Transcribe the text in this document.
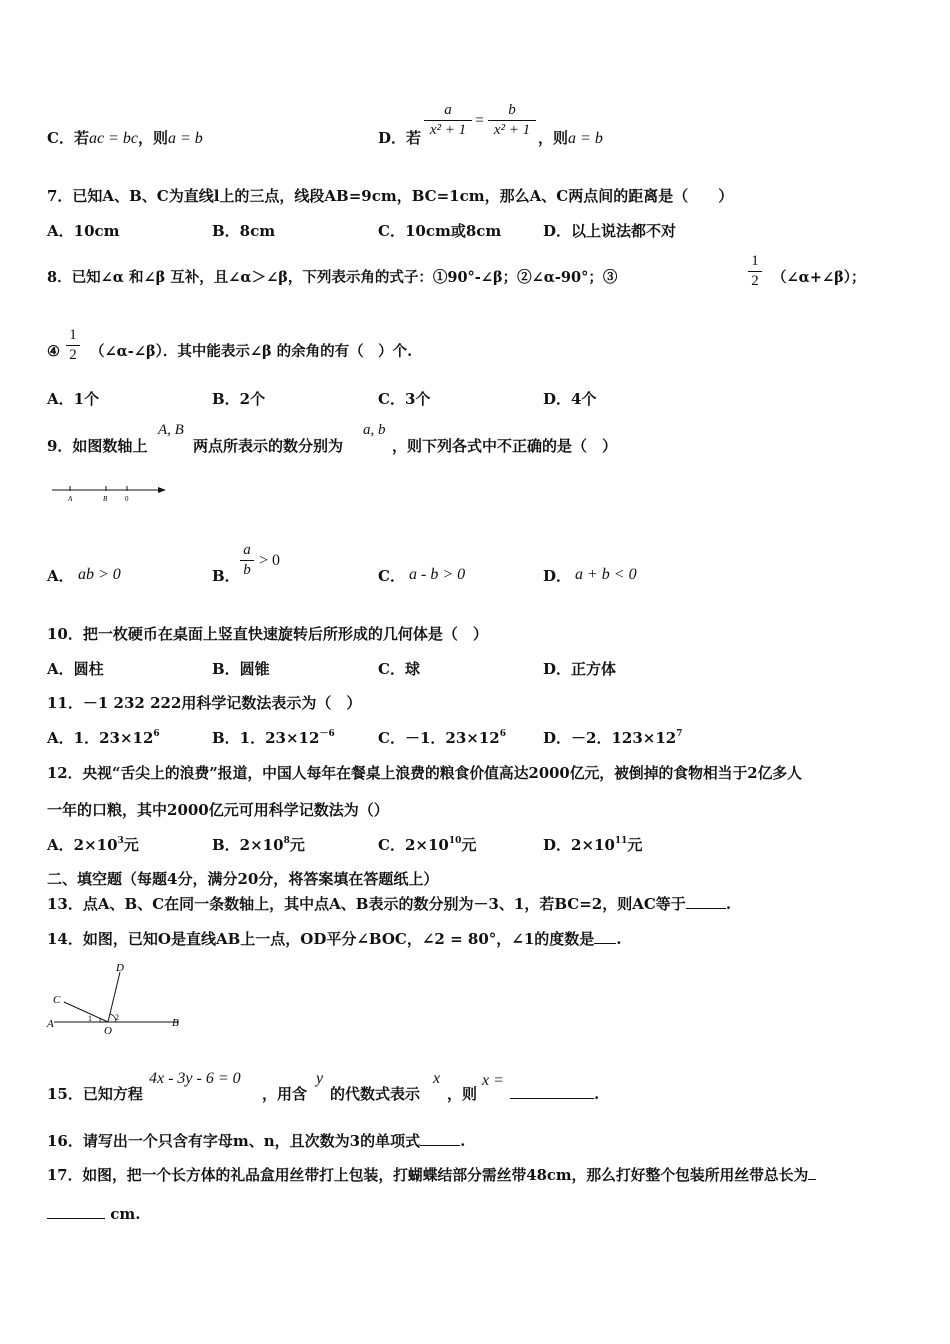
C．若ac = bc，则a = b	D．若
a
x² + 1
=
b
x² + 1 ，则a = b
7．已知A、B、C为直线l上的三点，线段AB=9cm，BC=1cm，那么A、C两点间的距离是（　　）
A．10cm	B．8cm	C．10cm或8cm	D．以上说法都不对
8．已知∠α 和∠β 互补，且∠α＞∠β，下列表示角的式子：①90°-∠β；②∠α-90°；③
1
2 （∠α+∠β）；
④
1
2 （∠α-∠β）．其中能表示∠β 的余角的有（　）个.
A．1个	B．2个	C．3个	D．4个
9．如图数轴上
A, B
两点所表示的数分别为
a, b
，则下列各式中不正确的是（　）
A	B	0
A． ab > 0	B．
a
b
> 0
C． a - b > 0	D． a + b < 0
10．把一枚硬币在桌面上竖直快速旋转后所形成的几何体是（　）
A．圆柱	B．圆锥	C．球	D．正方体
11．－1 232 222用科学记数法表示为（　）
A．1．$23\times 12^6$	B．1．$23\times 12^{-6}$	C．－1．$23\times 12^6$ D．－2．$123\times 12^7$
12．央视“舌尖上的浪费”报道，中国人每年在餐桌上浪费的粮食价值高达2000亿元，被倒掉的食物相当于2亿多人
一年的口粮，其中2000亿元可用科学记数法为（）
A．$2\times 10^3$元	B．$2\times 10^8$元	C．$2\times 10^{10}$元	D．$2\times 10^{11}$元
二、填空题（每题4分，满分20分，将答案填在答题纸上）
13．点A、B、C在同一条数轴上，其中点A、B表示的数分别为－3、1，若BC=2，则AC等于	.
14．如图，已知O是直线AB上一点，OD平分∠BOC，∠2 = 80°，∠1的度数是 .
D
C
A	1	2
O
B
15．已知方程
4x - 3y - 6 = 0
，用含
y
的代数式表示
x
，则
x =
.
16．请写出一个只含有字母m、n，且次数为3的单项式	.
17．如图，把一个长方体的礼品盒用丝带打上包装，打蝴蝶结部分需丝带48cm，那么打好整个包装所用丝带总长为
cm.
